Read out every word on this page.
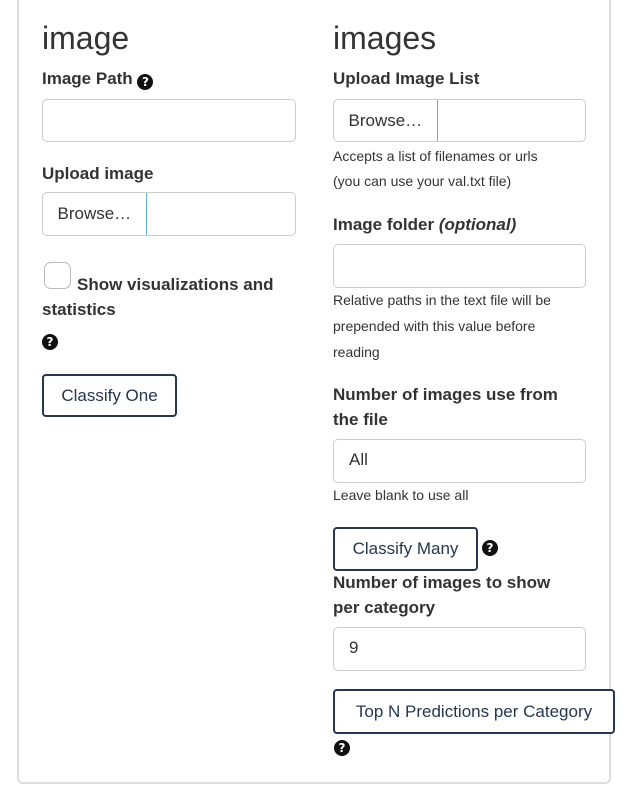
image
Image Path ?
Upload image
Browse…
Show visualizations and statistics
?
Classify One
images
Upload Image List
Browse…
Accepts a list of filenames or urls
(you can use your val.txt file)
Image folder (optional)
Relative paths in the text file will be
prepended with this value before
reading
Number of images use from
the file
All
Leave blank to use all
Classify Many	?
Number of images to show
per category
9
Top N Predictions per Category
?
